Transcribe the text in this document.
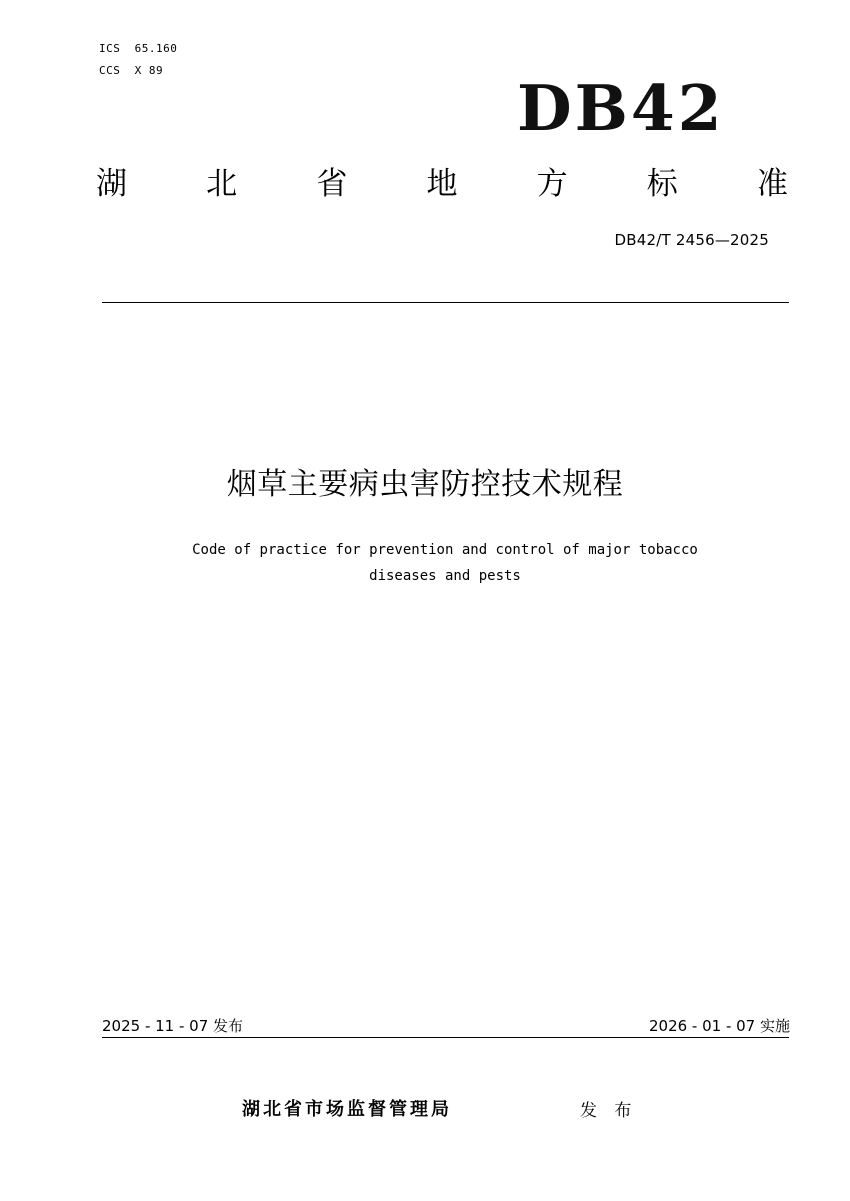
ICS  65.160
CCS  X 89
DB42
湖	北	省	地	方	标	准
DB42/T 2456—2025
烟草主要病虫害防控技术规程
Code of practice for prevention and control of major tobacco
diseases and pests
2025 - 11 - 07 发布	2026 - 01 - 07 实施
湖北省市场监督管理局	发 布
